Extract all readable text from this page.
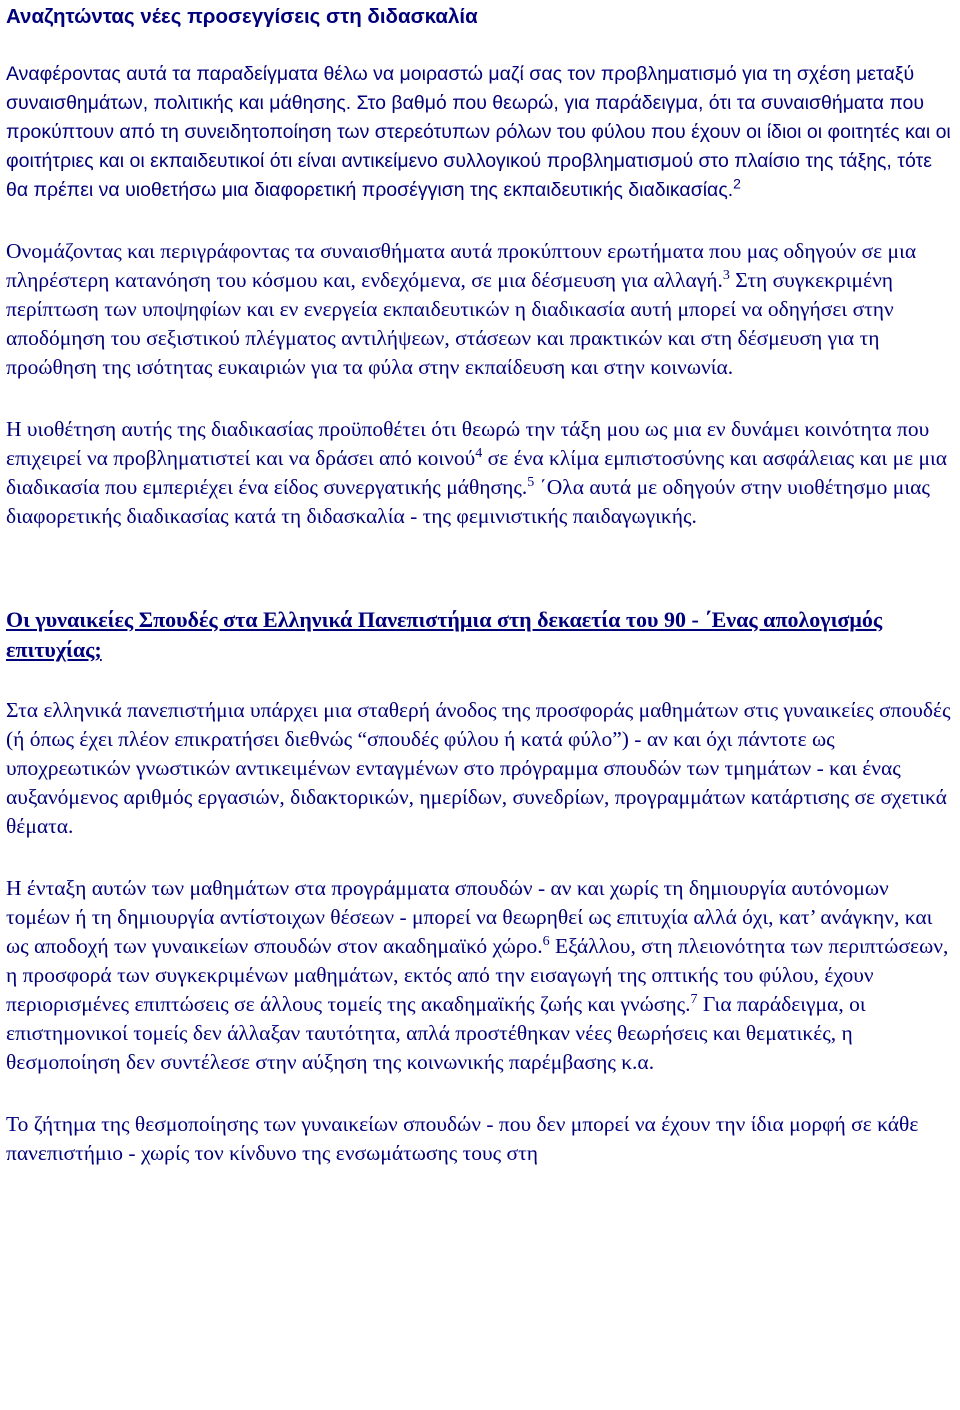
Αναζητώντας νέες προσεγγίσεις στη διδασκαλία

Αναφέροντας αυτά τα παραδείγματα θέλω να μοιραστώ μαζί σας τον προβληματισμό για τη σχέση μεταξύ συναισθημάτων, πολιτικής και μάθησης. Στο βαθμό που θεωρώ, για παράδειγμα, ότι τα συναισθήματα που προκύπτουν από τη συνειδητοποίηση των στερεότυπων ρόλων του φύλου που έχουν οι ίδιοι οι φοιτητές και οι φοιτήτριες και οι εκπαιδευτικοί ότι είναι αντικείμενο συλλογικού προβληματισμού στο πλαίσιο της τάξης, τότε θα πρέπει να υιοθετήσω μια διαφορετική προσέγγιση της εκπαιδευτικής διαδικασίας.$^2$

Ονομάζοντας και περιγράφοντας τα συναισθήματα αυτά προκύπτουν ερωτήματα που μας οδηγούν σε μια πληρέστερη κατανόηση του κόσμου και, ενδεχόμενα, σε μια δέσμευση για αλλαγή.$^3$ Στη συγκεκριμένη περίπτωση των υποψηφίων και εν ενεργεία εκπαιδευτικών η διαδικασία αυτή μπορεί να οδηγήσει στην αποδόμηση του σεξιστικού πλέγματος αντιλήψεων, στάσεων και πρακτικών και στη δέσμευση για τη προώθηση της ισότητας ευκαιριών για τα φύλα στην εκπαίδευση και στην κοινωνία.

Η υιοθέτηση αυτής της διαδικασίας προϋποθέτει ότι θεωρώ την τάξη μου ως μια εν δυνάμει κοινότητα που επιχειρεί να προβληματιστεί και να δράσει από κοινού$^4$ σε ένα κλίμα εμπιστοσύνης και ασφάλειας και με μια διαδικασία που εμπεριέχει ένα είδος συνεργατικής μάθησης.$^5$ ΄Ολα αυτά με οδηγούν στην υιοθέτησμο μιας διαφορετικής διαδικασίας κατά τη διδασκαλία - της φεμινιστικής παιδαγωγικής.

Οι γυναικείες Σπουδές στα Ελληνικά Πανεπιστήμια στη δεκαετία του 90 - ΄Ενας απολογισμός επιτυχίας;

Στα ελληνικά πανεπιστήμια υπάρχει μια σταθερή άνοδος της προσφοράς μαθημάτων στις γυναικείες σπουδές (ή όπως έχει πλέον επικρατήσει διεθνώς “σπουδές φύλου ή κατά φύλο”) - αν και όχι πάντοτε ως υποχρεωτικών γνωστικών αντικειμένων ενταγμένων στο πρόγραμμα σπουδών των τμημάτων - και ένας αυξανόμενος αριθμός εργασιών, διδακτορικών, ημερίδων, συνεδρίων, προγραμμάτων κατάρτισης σε σχετικά θέματα.

Η ένταξη αυτών των μαθημάτων στα προγράμματα σπουδών - αν και χωρίς τη δημιουργία αυτόνομων τομέων ή τη δημιουργία αντίστοιχων θέσεων - μπορεί να θεωρηθεί ως επιτυχία αλλά όχι, κατ’ ανάγκην, και ως αποδοχή των γυναικείων σπουδών στον ακαδημαϊκό χώρο.$^6$ Εξάλλου, στη πλειονότητα των περιπτώσεων, η προσφορά των συγκεκριμένων μαθημάτων, εκτός από την εισαγωγή της οπτικής του φύλου, έχουν περιορισμένες επιπτώσεις σε άλλους τομείς της ακαδημαϊκής ζωής και γνώσης.$^7$ Για παράδειγμα, οι επιστημονικοί τομείς δεν άλλαξαν ταυτότητα, απλά προστέθηκαν νέες θεωρήσεις και θεματικές, η θεσμοποίηση δεν συντέλεσε στην αύξηση της κοινωνικής παρέμβασης κ.α.

Το ζήτημα της θεσμοποίησης των γυναικείων σπουδών - που δεν μπορεί να έχουν την ίδια μορφή σε κάθε πανεπιστήμιο - χωρίς τον κίνδυνο της ενσωμάτωσης τους στη
